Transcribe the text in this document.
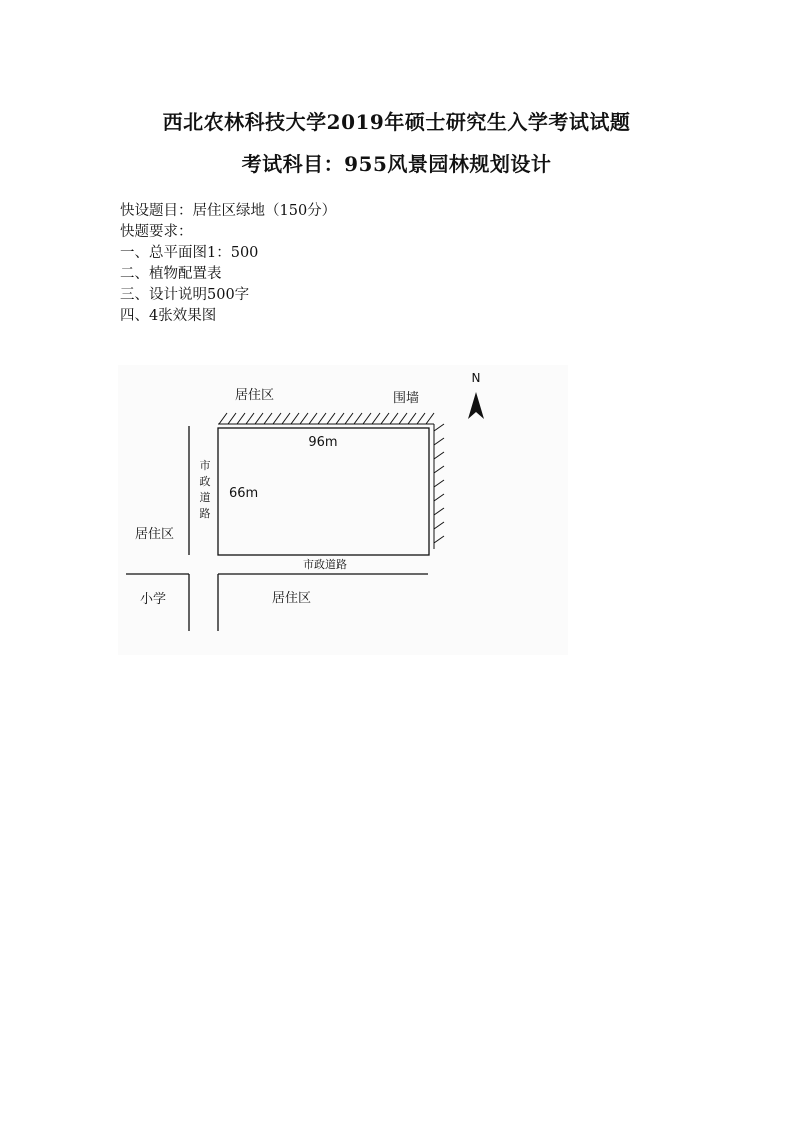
西北农林科技大学2019年硕士研究生入学考试试题
考试科目：955风景园林规划设计
快设题目：居住区绿地（150分）
快题要求：
一、总平面图1：500
二、植物配置表
三、设计说明500字
四、4张效果图
N
居住区	围墙
96m
66m
市
政
道
路
居住区
市政道路
小学	居住区
